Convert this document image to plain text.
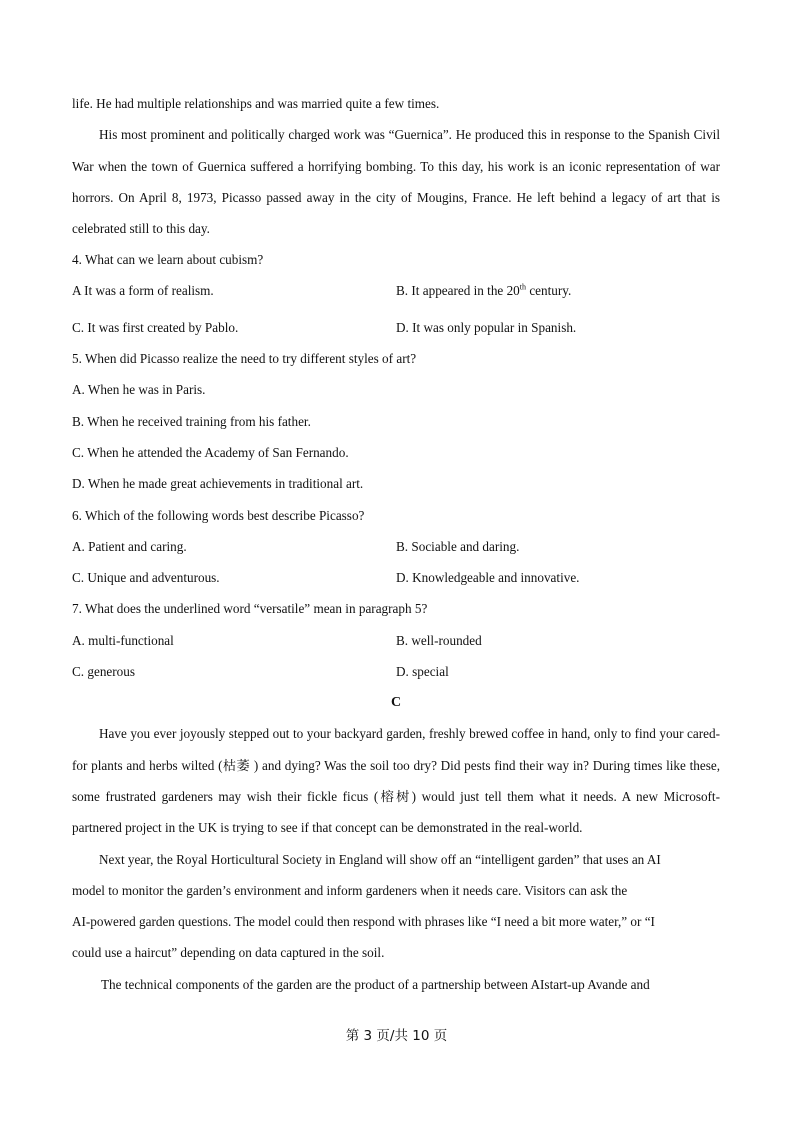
life. He had multiple relationships and was married quite a few times.

His most prominent and politically charged work was “Guernica”. He produced this in response to the Spanish Civil War when the town of Guernica suffered a horrifying bombing. To this day, his work is an iconic representation of war horrors. On April 8, 1973, Picasso passed away in the city of Mougins, France. He left behind a legacy of art that is celebrated still to this day.

4. What can we learn about cubism?
A It was a form of realism.	B. It appeared in the 20th century.
C. It was first created by Pablo.	D. It was only popular in Spanish.
5. When did Picasso realize the need to try different styles of art?
A. When he was in Paris.
B. When he received training from his father.
C. When he attended the Academy of San Fernando.
D. When he made great achievements in traditional art.
6. Which of the following words best describe Picasso?
A. Patient and caring.	B. Sociable and daring.
C. Unique and adventurous.	D. Knowledgeable and innovative.
7. What does the underlined word “versatile” mean in paragraph 5?
A. multi-functional	B. well-rounded
C. generous	D. special
C

Have you ever joyously stepped out to your backyard garden, freshly brewed coffee in hand, only to find your cared-for plants and herbs wilted (枯萎 ) and dying? Was the soil too dry? Did pests find their way in? During times like these, some frustrated gardeners may wish their fickle ficus (榕树) would just tell them what it needs. A new Microsoft-partnered project in the UK is trying to see if that concept can be demonstrated in the real-world.

Next year, the Royal Horticultural Society in England will show off an “intelligent garden” that uses an AI
model to monitor the garden’s environment and inform gardeners when it needs care. Visitors can ask the
AI-powered garden questions. The model could then respond with phrases like “I need a bit more water,” or “I
could use a haircut” depending on data captured in the soil.
The technical components of the garden are the product of a partnership between AIstart-up Avande and
第 3 页/共 10 页
